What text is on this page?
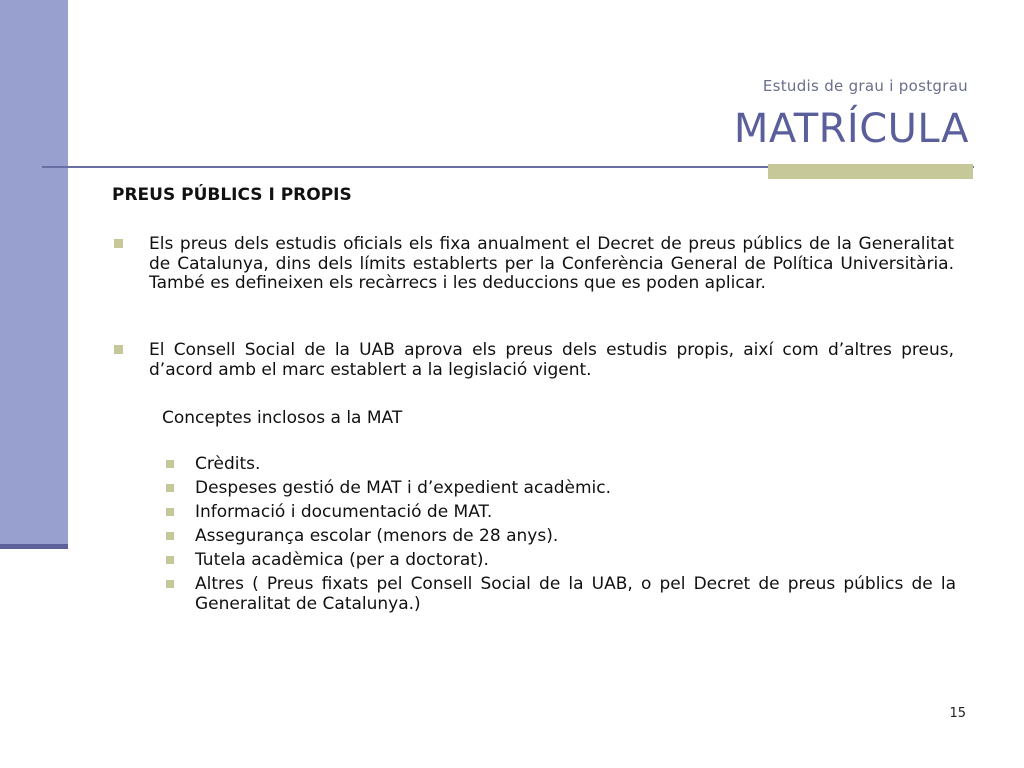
Estudis de grau i postgrau
MATRÍCULA
PREUS PÚBLICS I PROPIS
Els preus dels estudis oficials els fixa anualment el Decret de preus públics de la Generalitat de Catalunya, dins dels límits establerts per la Conferència General de Política Universitària. També es defineixen els recàrrecs i les deduccions que es poden aplicar.
El Consell Social de la UAB aprova els preus dels estudis propis, així com d’altres preus, d’acord amb el marc establert a la legislació vigent.
Conceptes inclosos a la MAT
Crèdits.
Despeses gestió de MAT i d’expedient acadèmic.
Informació i documentació de MAT.
Assegurança escolar (menors de 28 anys).
Tutela acadèmica (per a doctorat).
Altres ( Preus fixats pel Consell Social de la UAB, o pel Decret de preus públics de la Generalitat de Catalunya.)
15
